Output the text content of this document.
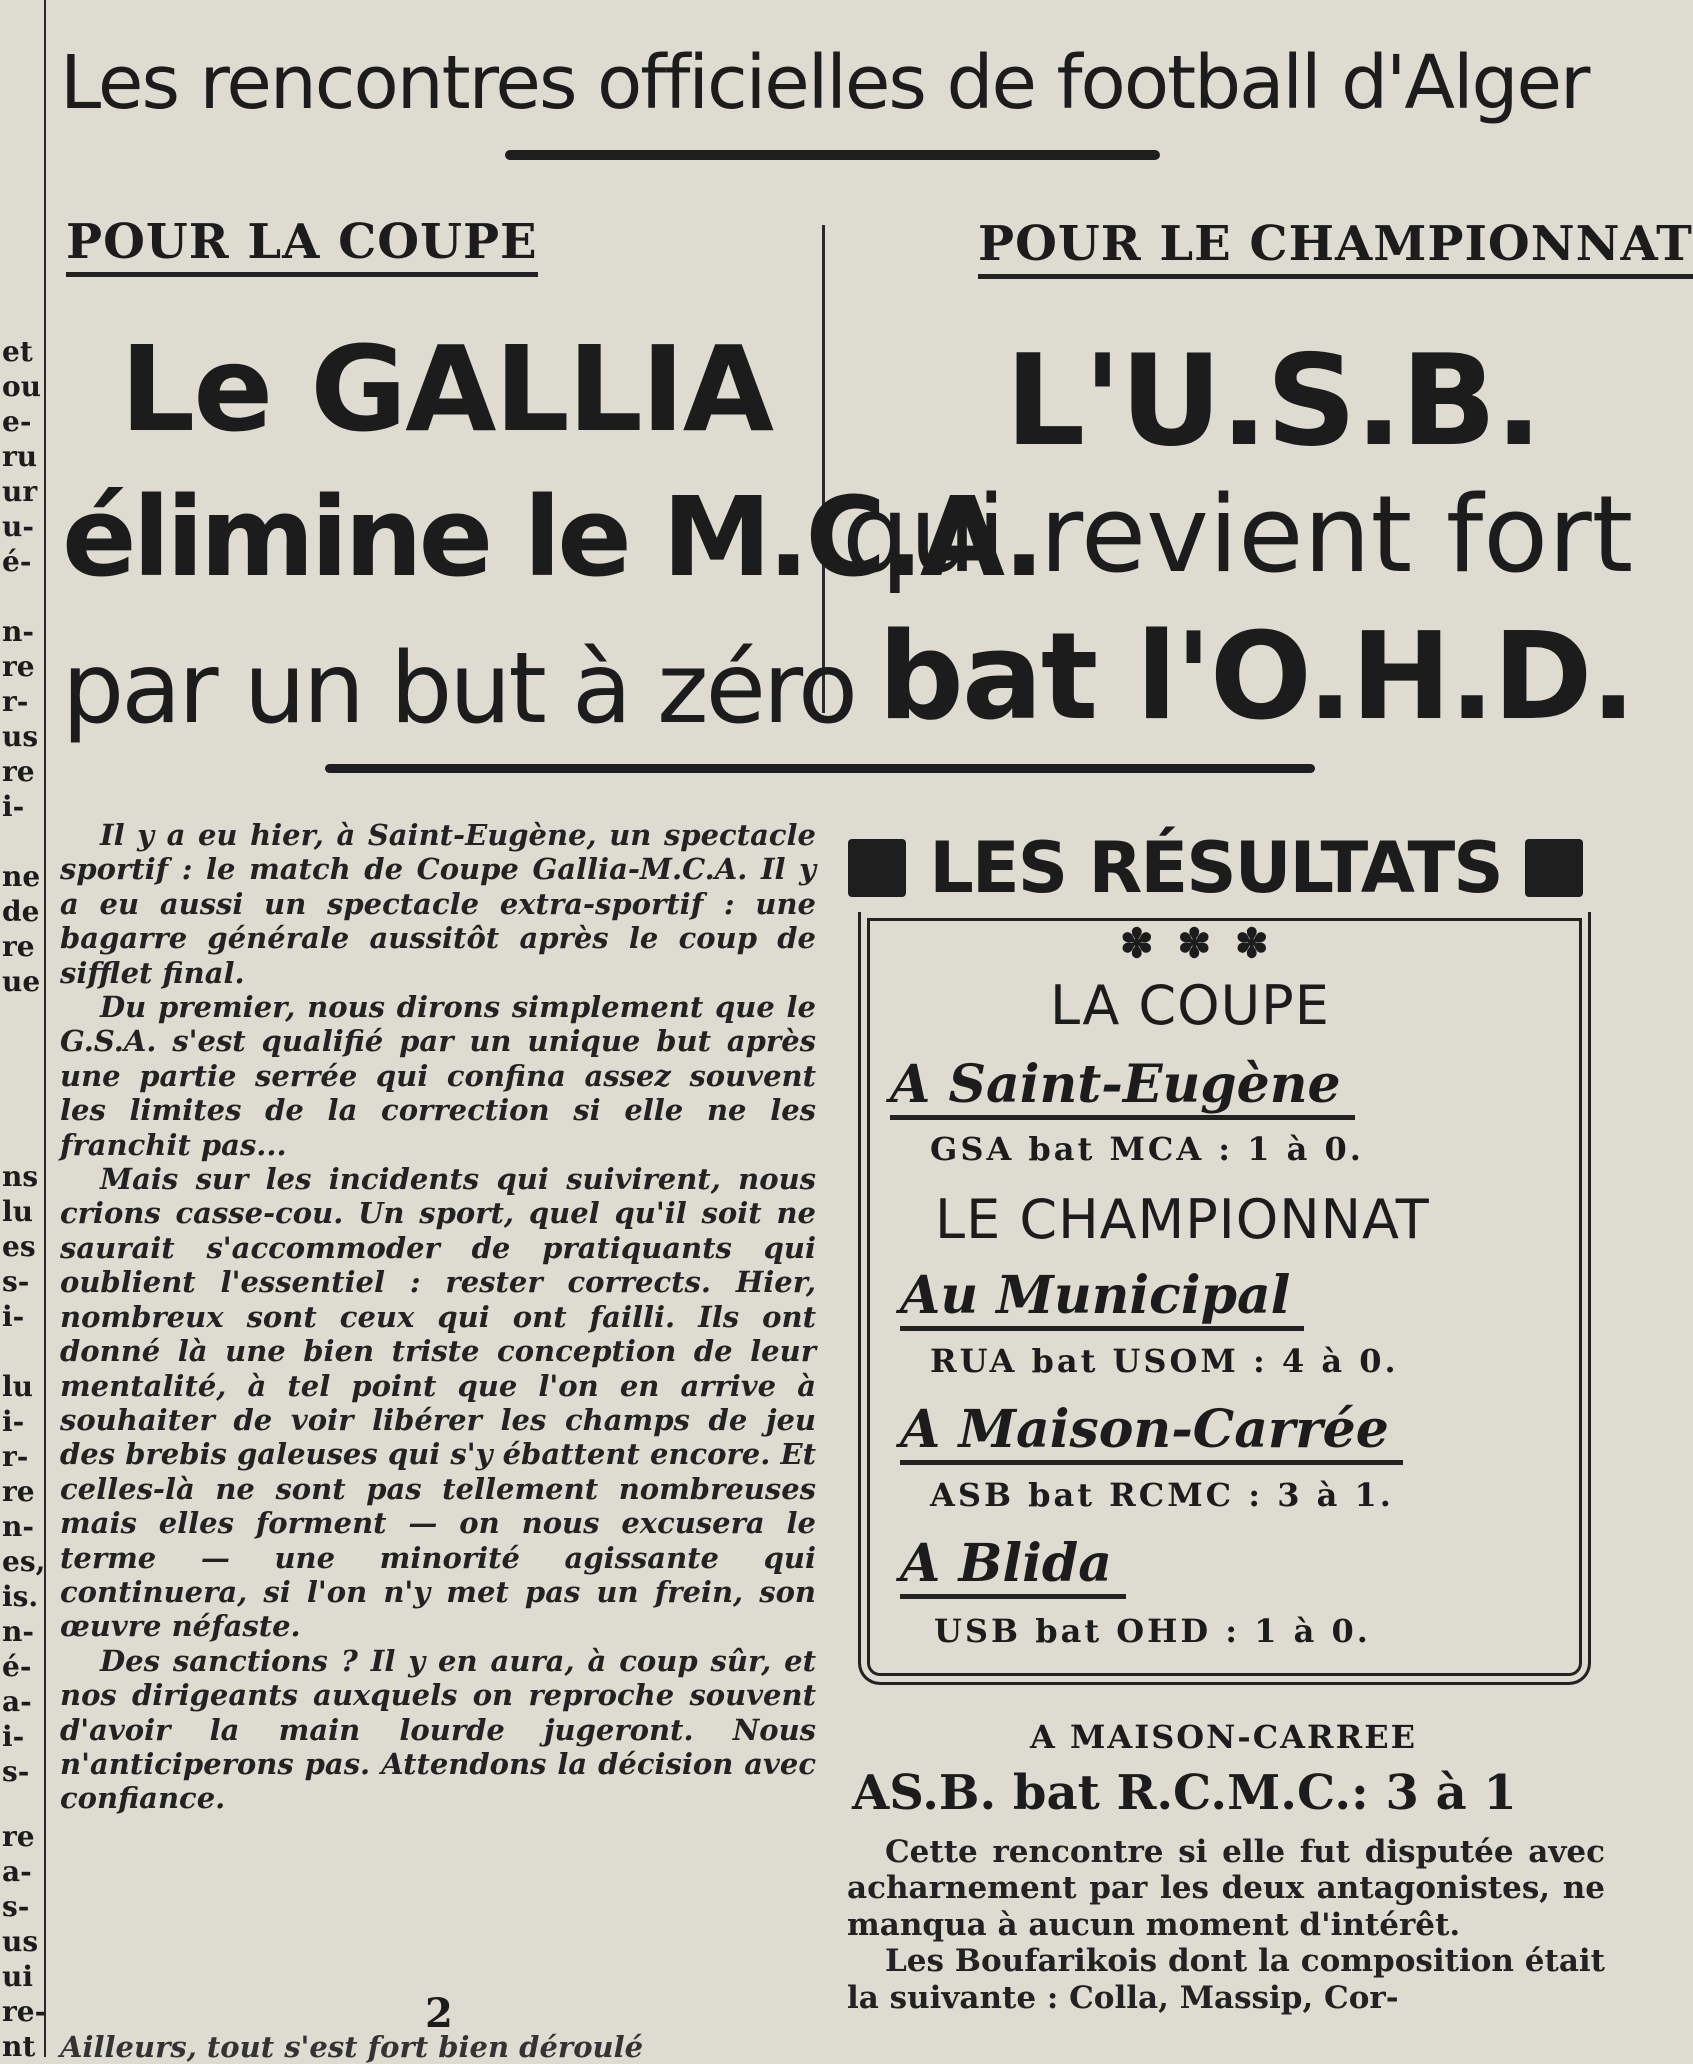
et
ou
e-
ru
ur
u-
é-
n-
re
r-
us
re
i-
ne
de
re
ue
ns
lu
es
s-
i-
lu
i-
r-
re
n-
es,
is.
n-
é-
a-
i-
s-
re
a-
s-
us
ui
re-
nt
Les rencontres officielles de football d'Alger
POUR LA COUPE	POUR LE CHAMPIONNAT
Le GALLIA
élimine le M.C.A.
par un but à zéro
L'U.S.B.
qui revient fort
bat l'O.H.D.

Il y a eu hier, à Saint-Eugène, un spectacle sportif : le match de Coupe Gallia-M.C.A. Il y a eu aussi un spectacle extra-sportif : une bagarre générale aussitôt après le coup de sifflet final.

Du premier, nous dirons simplement que le G.S.A. s'est qualifié par un unique but après une partie serrée qui confina assez souvent les limites de la correction si elle ne les franchit pas...

Mais sur les incidents qui suivirent, nous crions casse-cou. Un sport, quel qu'il soit ne saurait s'accommoder de pratiquants qui oublient l'essentiel : rester corrects. Hier, nombreux sont ceux qui ont failli. Ils ont donné là une bien triste conception de leur mentalité, à tel point que l'on en arrive à souhaiter de voir libérer les champs de jeu des brebis galeuses qui s'y ébattent encore. Et celles-là ne sont pas tellement nombreuses mais elles forment — on nous excusera le terme — une minorité agissante qui continuera, si l'on n'y met pas un frein, son œuvre néfaste.

Des sanctions ? Il y en aura, à coup sûr, et nos dirigeants auxquels on reproche souvent d'avoir la main lourde jugeront. Nous n'anticiperons pas. Attendons la décision avec confiance.

2
Ailleurs, tout s'est fort bien déroulé
LES RÉSULTATS
✽✽✽
LA COUPE
A Saint-Eugène
GSA bat MCA : 1 à 0.
LE CHAMPIONNAT
Au Municipal
RUA bat USOM : 4 à 0.
A Maison-Carrée
ASB bat RCMC : 3 à 1.
A Blida
USB bat OHD : 1 à 0.
A MAISON-CARREE
AS.B. bat R.C.M.C.: 3 à 1

Cette rencontre si elle fut disputée avec acharnement par les deux antagonistes, ne manqua à aucun moment d'intérêt.

Les Boufarikois dont la composition était la suivante : Colla, Massip, Cor-
